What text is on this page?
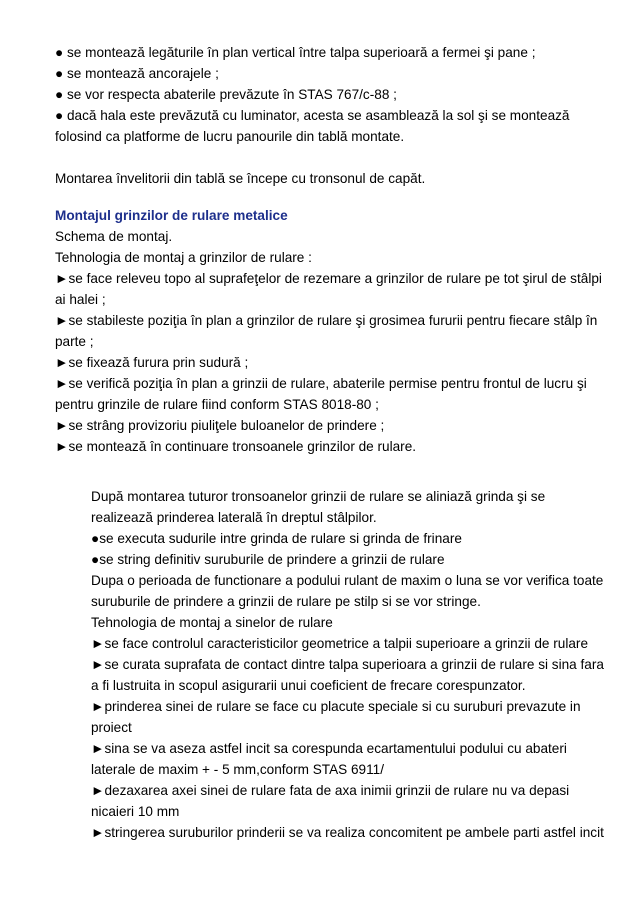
● se montează legăturile în plan vertical între talpa superioară a fermei şi pane ;

● se montează ancorajele ;

● se vor respecta abaterile prevăzute în STAS 767/c-88 ;

● dacă hala este prevăzută cu luminator, acesta se asamblează la sol şi se montează

folosind ca platforme de lucru panourile din tablă montate.

Montarea învelitorii din tablă se începe cu tronsonul de capăt.

Montajul grinzilor de rulare metalice

Schema de montaj.

Tehnologia de montaj a grinzilor de rulare :

►se face releveu topo al suprafeţelor de rezemare a grinzilor de rulare pe tot şirul de stâlpi

ai halei ;

►se stabileste poziţia în plan a grinzilor de rulare şi grosimea fururii pentru fiecare stâlp în

parte ;

►se fixează furura prin sudură ;

►se verifică poziţia în plan a grinzii de rulare, abaterile permise pentru frontul de lucru şi

pentru grinzile de rulare fiind conform STAS 8018-80 ;

►se strâng provizoriu piuliţele buloanelor de prindere ;

►se montează în continuare tronsoanele grinzilor de rulare.

După montarea tuturor tronsoanelor grinzii de rulare se aliniază grinda şi se

realizează prinderea laterală în dreptul stâlpilor.

●se executa sudurile intre grinda de rulare si grinda de frinare

●se string definitiv suruburile de prindere a grinzii de rulare

Dupa o perioada de functionare a podului rulant de maxim o luna se vor verifica toate

suruburile de prindere a grinzii de rulare pe stilp si se vor stringe.

Tehnologia de montaj a sinelor de rulare

►se face controlul caracteristicilor geometrice a talpii superioare a grinzii de rulare

►se curata suprafata de contact dintre talpa superioara a grinzii de rulare si sina fara

a fi lustruita in scopul asigurarii unui coeficient de frecare corespunzator.

►prinderea sinei de rulare se face cu placute speciale si cu suruburi prevazute in

proiect

►sina se va aseza astfel incit sa corespunda ecartamentului podului cu abateri

laterale de maxim + - 5 mm,conform STAS 6911/

►dezaxarea axei sinei de rulare fata de axa inimii grinzii de rulare nu va depasi

nicaieri 10 mm

►stringerea suruburilor prinderii se va realiza concomitent pe ambele parti astfel incit
